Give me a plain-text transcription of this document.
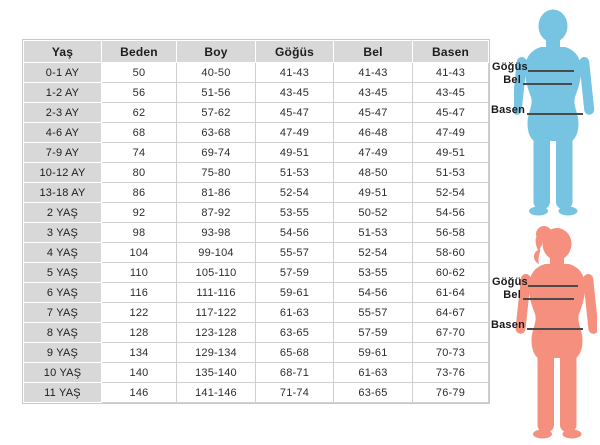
Yaş	Beden	Boy	Göğüs	Bel	Basen
0-1 AY	50	40-50	41-43	41-43	41-43
1-2 AY	56	51-56	43-45	43-45	43-45
2-3 AY	62	57-62	45-47	45-47	45-47
4-6 AY	68	63-68	47-49	46-48	47-49
7-9 AY	74	69-74	49-51	47-49	49-51
10-12 AY	80	75-80	51-53	48-50	51-53
13-18 AY	86	81-86	52-54	49-51	52-54
2 YAŞ	92	87-92	53-55	50-52	54-56
3 YAŞ	98	93-98	54-56	51-53	56-58
4 YAŞ	104	99-104	55-57	52-54	58-60
5 YAŞ	110	105-110	57-59	53-55	60-62
6 YAŞ	116	111-116	59-61	54-56	61-64
7 YAŞ	122	117-122	61-63	55-57	64-67
8 YAŞ	128	123-128	63-65	57-59	67-70
9 YAŞ	134	129-134	65-68	59-61	70-73
10 YAŞ	140	135-140	68-71	61-63	73-76
11 YAŞ	146	141-146	71-74	63-65	76-79
Göğüs
Bel
Basen
Göğüs
Bel
Basen
